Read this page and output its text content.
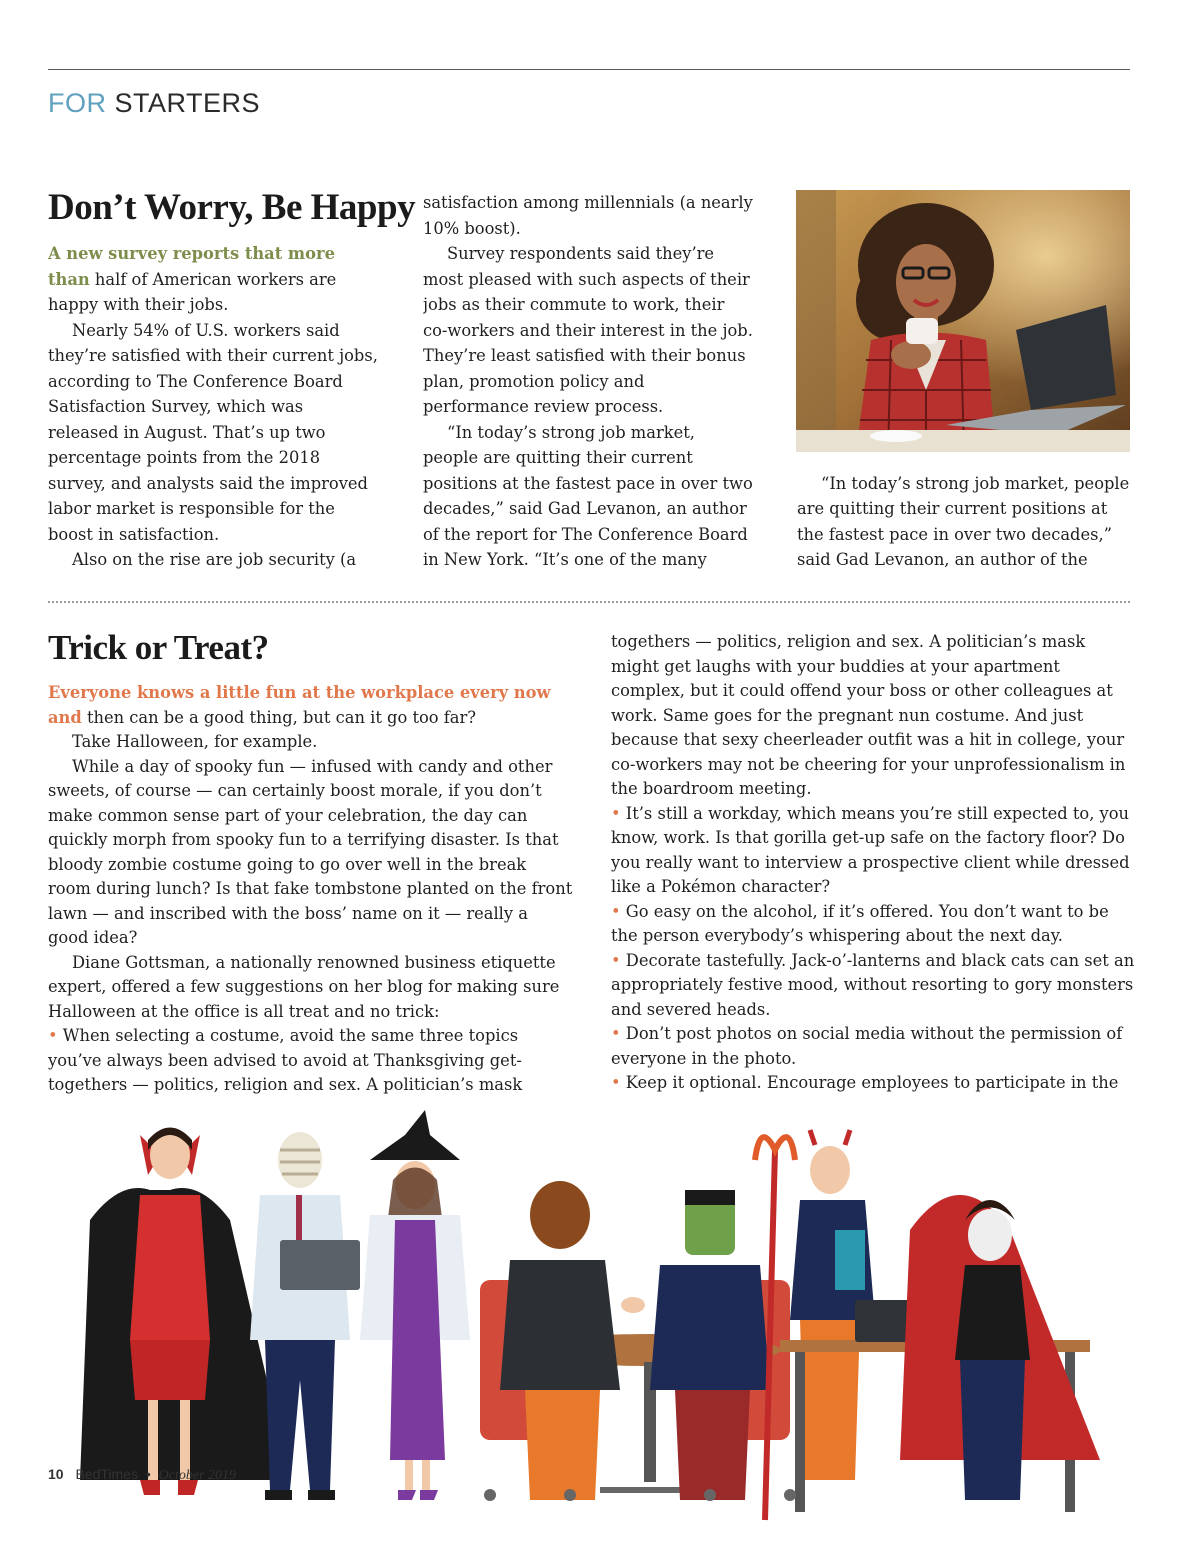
FOR STARTERS
Don’t Worry, Be Happy

A new survey reports that more than half of American workers are happy with their jobs.

Nearly 54% of U.S. workers said they’re satisfied with their current jobs, according to The Conference Board Satisfaction Survey, which was released in August. That’s up two percentage points from the 2018 survey, and analysts said the improved labor market is responsible for the boost in satisfaction.

Also on the rise are job security (a

satisfaction among millennials (a nearly 10% boost).

Survey respondents said they’re most pleased with such aspects of their jobs as their commute to work, their co-workers and their interest in the job. They’re least satisfied with their bonus plan, promotion policy and performance review process.

“In today’s strong job market, people are quitting their current positions at the fastest pace in over two decades,” said Gad Levanon, an author of the report for The Conference Board in New York. “It’s one of the many

“In today’s strong job market, people are quitting their current positions at the fastest pace in over two decades,” said Gad Levanon, an author of the

Trick or Treat?

Everyone knows a little fun at the workplace every now and then can be a good thing, but can it go too far?

Take Halloween, for example.

While a day of spooky fun — infused with candy and other sweets, of course — can certainly boost morale, if you don’t make common sense part of your celebration, the day can quickly morph from spooky fun to a terrifying disaster. Is that bloody zombie costume going to go over well in the break room during lunch? Is that fake tombstone planted on the front lawn — and inscribed with the boss’ name on it — really a good idea?

Diane Gottsman, a nationally renowned business etiquette expert, offered a few suggestions on her blog for making sure Halloween at the office is all treat and no trick:

• When selecting a costume, avoid the same three topics you’ve always been advised to avoid at Thanksgiving get-togethers — politics, religion and sex. A politician’s mask

togethers — politics, religion and sex. A politician’s mask might get laughs with your buddies at your apartment complex, but it could offend your boss or other colleagues at work. Same goes for the pregnant nun costume. And just because that sexy cheerleader outfit was a hit in college, your co-workers may not be cheering for your unprofessionalism in the boardroom meeting.

• It’s still a workday, which means you’re still expected to, you know, work. Is that gorilla get-up safe on the factory floor? Do you really want to interview a prospective client while dressed like a Pokémon character?

• Go easy on the alcohol, if it’s offered. You don’t want to be the person everybody’s whispering about the next day.

• Decorate tastefully. Jack-o’-lanterns and black cats can set an appropriately festive mood, without resorting to gory monsters and severed heads.

• Don’t post photos on social media without the permission of everyone in the photo.

• Keep it optional. Encourage employees to participate in the

10 BedTimes • October 2019
